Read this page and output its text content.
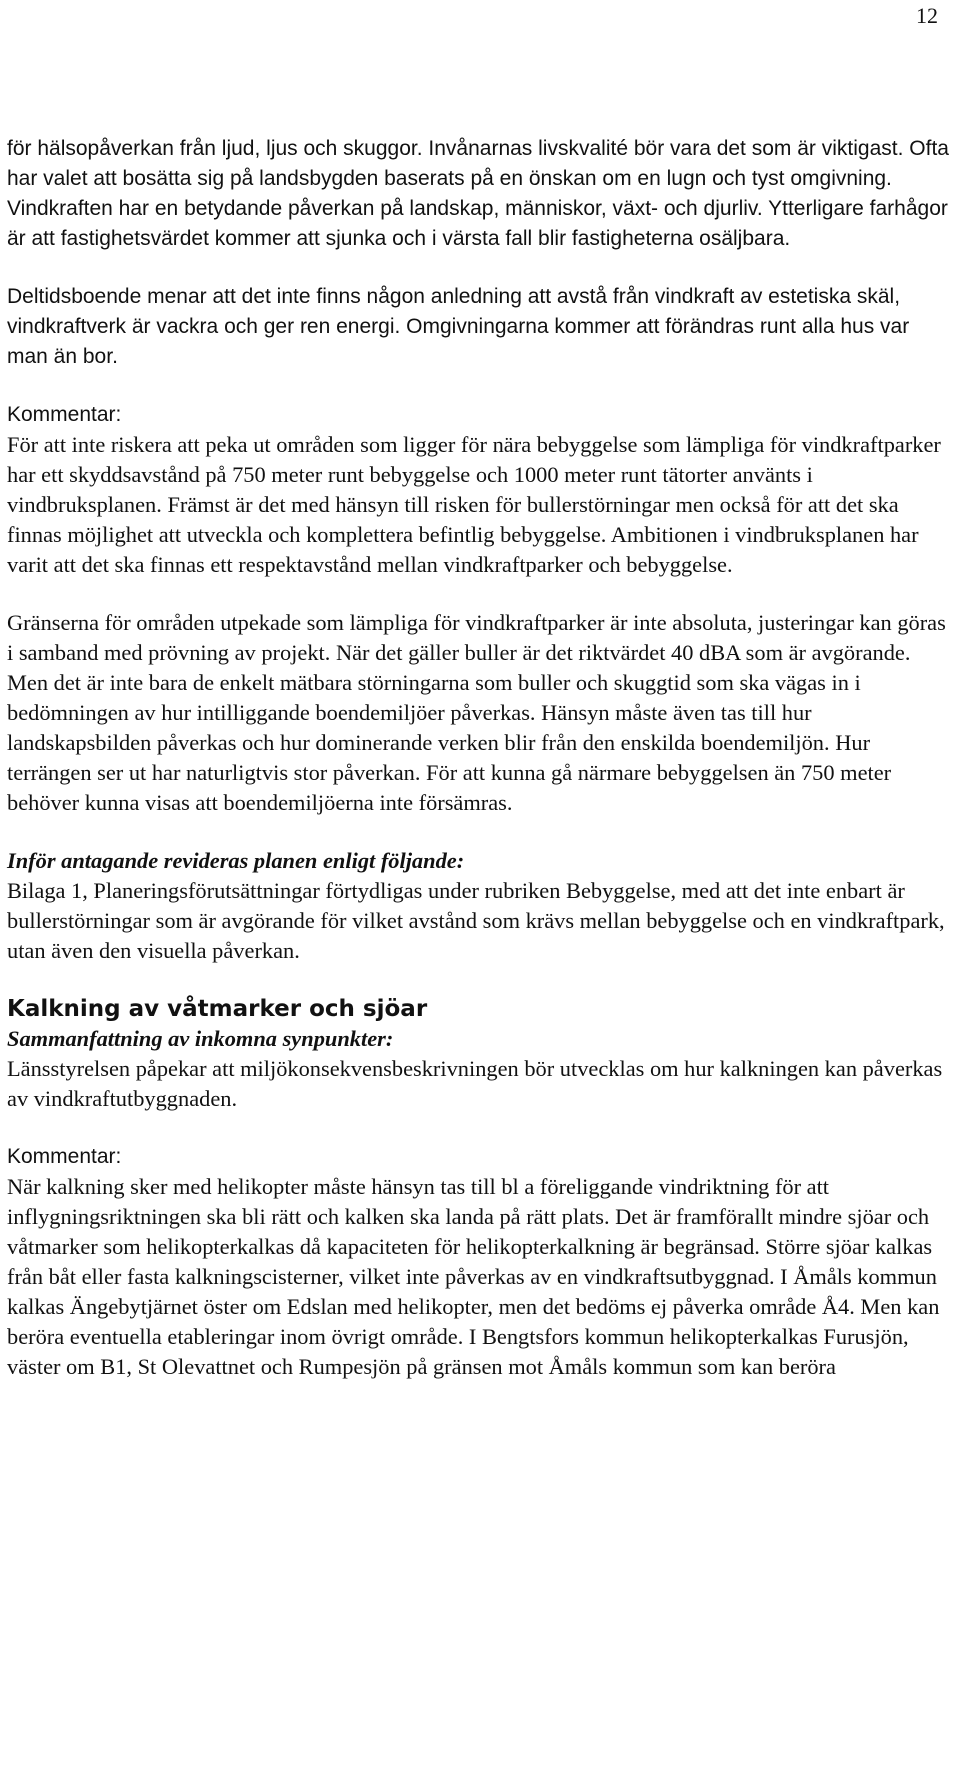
12

för hälsopåverkan från ljud, ljus och skuggor. Invånarnas livskvalité bör vara det som är viktigast. Ofta har valet att bosätta sig på landsbygden baserats på en önskan om en lugn och tyst omgivning. Vindkraften har en betydande påverkan på landskap, människor, växt- och djurliv. Ytterligare farhågor är att fastighetsvärdet kommer att sjunka och i värsta fall blir fastigheterna osäljbara.

Deltidsboende menar att det inte finns någon anledning att avstå från vindkraft av estetiska skäl, vindkraftverk är vackra och ger ren energi. Omgivningarna kommer att förändras runt alla hus var man än bor.

Kommentar:

För att inte riskera att peka ut områden som ligger för nära bebyggelse som lämpliga för vindkraftparker har ett skyddsavstånd på 750 meter runt bebyggelse och 1000 meter runt tätorter använts i vindbruksplanen. Främst är det med hänsyn till risken för bullerstörningar men också för att det ska finnas möjlighet att utveckla och komplettera befintlig bebyggelse. Ambitionen i vindbruksplanen har varit att det ska finnas ett respektavstånd mellan vindkraftparker och bebyggelse.

Gränserna för områden utpekade som lämpliga för vindkraftparker är inte absoluta, justeringar kan göras i samband med prövning av projekt. När det gäller buller är det riktvärdet 40 dBA som är avgörande. Men det är inte bara de enkelt mätbara störningarna som buller och skuggtid som ska vägas in i bedömningen av hur intilliggande boendemiljöer påverkas. Hänsyn måste även tas till hur landskapsbilden påverkas och hur dominerande verken blir från den enskilda boendemiljön. Hur terrängen ser ut har naturligtvis stor påverkan. För att kunna gå närmare bebyggelsen än 750 meter behöver kunna visas att boendemiljöerna inte försämras.

Inför antagande revideras planen enligt följande:

Bilaga 1, Planeringsförutsättningar förtydligas under rubriken Bebyggelse, med att det inte enbart är bullerstörningar som är avgörande för vilket avstånd som krävs mellan bebyggelse och en vindkraftpark, utan även den visuella påverkan.

Kalkning av våtmarker och sjöar

Sammanfattning av inkomna synpunkter:

Länsstyrelsen påpekar att miljökonsekvensbeskrivningen bör utvecklas om hur kalkningen kan påverkas av vindkraftutbyggnaden.

Kommentar:

När kalkning sker med helikopter måste hänsyn tas till bl a föreliggande vindriktning för att inflygningsriktningen ska bli rätt och kalken ska landa på rätt plats. Det är framförallt mindre sjöar och våtmarker som helikopterkalkas då kapaciteten för helikopterkalkning är begränsad. Större sjöar kalkas från båt eller fasta kalkningscisterner, vilket inte påverkas av en vindkraftsutbyggnad. I Åmåls kommun kalkas Ängebytjärnet öster om Edslan med helikopter, men det bedöms ej påverka område Å4. Men kan beröra eventuella etableringar inom övrigt område. I Bengtsfors kommun helikopterkalkas Furusjön, väster om B1, St Olevattnet och Rumpesjön på gränsen mot Åmåls kommun som kan beröra
